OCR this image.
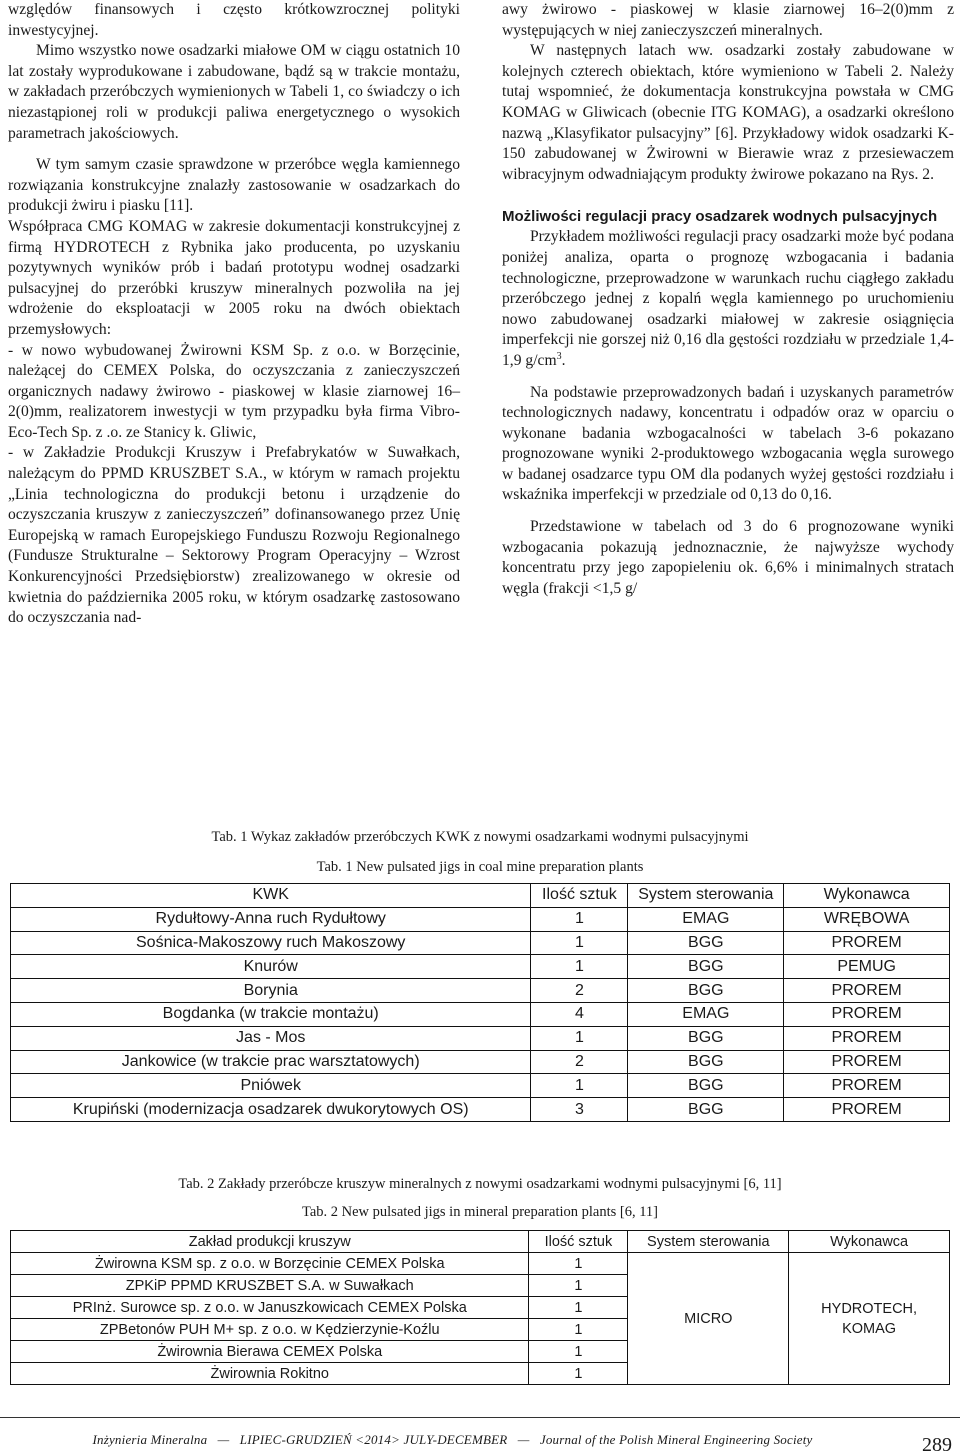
względów finansowych i często krótkowzrocznej polityki inwestycyjnej.

Mimo wszystko nowe osadzarki miałowe OM w ciągu ostatnich 10 lat zostały wyprodukowane i zabudowane, bądź są w trakcie montażu, w zakładach przeróbczych wymienionych w Tabeli 1, co świadczy o ich niezastąpionej roli w produkcji paliwa energetycznego o wysokich parametrach jakościowych.

W tym samym czasie sprawdzone w przeróbce węgla kamiennego rozwiązania konstrukcyjne znalazły zastosowanie w osadzarkach do produkcji żwiru i piasku [11].

Współpraca CMG KOMAG w zakresie dokumentacji konstrukcyjnej z firmą HYDROTECH z Rybnika jako producenta, po uzyskaniu pozytywnych wyników prób i badań prototypu wodnej osadzarki pulsacyjnej do przeróbki kruszyw mineralnych pozwoliła na jej wdrożenie do eksploatacji w 2005 roku na dwóch obiektach przemysłowych:

- w nowo wybudowanej Żwirowni KSM Sp. z o.o. w Borzęcinie, należącej do CEMEX Polska, do oczyszczania z zanieczyszczeń organicznych nadawy żwirowo - piaskowej w klasie ziarnowej 16–2(0)mm, realizatorem inwestycji w tym przypadku była firma Vibro-Eco-Tech Sp. z .o. ze Stanicy k. Gliwic,

- w Zakładzie Produkcji Kruszyw i Prefabrykatów w Suwałkach, należącym do PPMD KRUSZBET S.A., w którym w ramach projektu „Linia technologiczna do produkcji betonu i urządzenie do oczyszczania kruszyw z zanieczyszczeń” dofinansowanego przez Unię Europejską w ramach Europejskiego Funduszu Rozwoju Regionalnego (Fundusze Strukturalne – Sektorowy Program Operacyjny – Wzrost Konkurencyjności Przedsiębiorstw) zrealizowanego w okresie od kwietnia do października 2005 roku, w którym osadzarkę zastosowano do oczyszczania nad-

awy żwirowo - piaskowej w klasie ziarnowej 16–2(0)mm z występujących w niej zanieczyszczeń mineralnych.

W następnych latach ww. osadzarki zostały zabudowane w kolejnych czterech obiektach, które wymieniono w Tabeli 2. Należy tutaj wspomnieć, że dokumentacja konstrukcyjna powstała w CMG KOMAG w Gliwicach (obecnie ITG KOMAG), a osadzarki określono nazwą „Klasyfikator pulsacyjny” [6]. Przykładowy widok osadzarki K-150 zabudowanej w Żwirowni w Bierawie wraz z przesiewaczem wibracyjnym odwadniającym produkty żwirowe pokazano na Rys. 2.

Możliwości regulacji pracy osadzarek wodnych pulsacyjnych

Przykładem możliwości regulacji pracy osadzarki może być podana poniżej analiza, oparta o prognozę wzbogacania i badania technologiczne, przeprowadzone w warunkach ruchu ciągłego zakładu przeróbczego jednej z kopalń węgla kamiennego po uruchomieniu nowo zabudowanej osadzarki miałowej w zakresie osiągnięcia imperfekcji nie gorszej niż 0,16 dla gęstości rozdziału w przedziale 1,4-1,9 $g/cm^3$.

Na podstawie przeprowadzonych badań i uzyskanych parametrów technologicznych nadawy, koncentratu i odpadów oraz w oparciu o wykonane badania wzbogacalności w tabelach 3-6 pokazano prognozowane wyniki 2-produktowego wzbogacania węgla surowego w badanej osadzarce typu OM dla podanych wyżej gęstości rozdziału i wskaźnika imperfekcji w przedziale od 0,13 do 0,16.

Przedstawione w tabelach od 3 do 6 prognozowane wyniki wzbogacania pokazują jednoznacznie, że najwyższe wychody koncentratu przy jego zapopieleniu ok. 6,6% i minimalnych stratach węgla (frakcji <1,5 g/

Tab. 1 Wykaz zakładów przeróbczych KWK z nowymi osadzarkami wodnymi pulsacyjnymi
Tab. 1 New pulsated jigs in coal mine preparation plants
KWK	Ilość sztuk	System sterowania	Wykonawca
Rydułtowy-Anna ruch Rydułtowy	1	EMAG	WRĘBOWA
Sośnica-Makoszowy ruch Makoszowy	1	BGG	PROREM
Knurów	1	BGG	PEMUG
Borynia	2	BGG	PROREM
Bogdanka (w trakcie montażu)	4	EMAG	PROREM
Jas - Mos	1	BGG	PROREM
Jankowice (w trakcie prac warsztatowych)	2	BGG	PROREM
Pniówek	1	BGG	PROREM
Krupiński (modernizacja osadzarek dwukorytowych OS)	3	BGG	PROREM
Tab. 2 Zakłady przeróbcze kruszyw mineralnych z nowymi osadzarkami wodnymi pulsacyjnymi [6, 11]
Tab. 2 New pulsated jigs in mineral preparation plants [6, 11]
Zakład produkcji kruszyw	Ilość sztuk	System sterowania	Wykonawca
Żwirowna KSM sp. z o.o. w Borzęcinie CEMEX Polska	1	MICRO	HYDROTECH,
KOMAG
ZPKiP PPMD KRUSZBET S.A. w Suwałkach	1		
PRInż. Surowce sp. z o.o. w Januszkowicach CEMEX Polska	1		
ZPBetonów PUH M+ sp. z o.o. w Kędzierzynie-Koźlu	1		
Żwirownia Bierawa CEMEX Polska	1		
Żwirownia Rokitno	1		
Inżynieria Mineralna — LIPIEC-GRUDZIEŃ <2014> JULY-DECEMBER — Journal of the Polish Mineral Engineering Society	289
